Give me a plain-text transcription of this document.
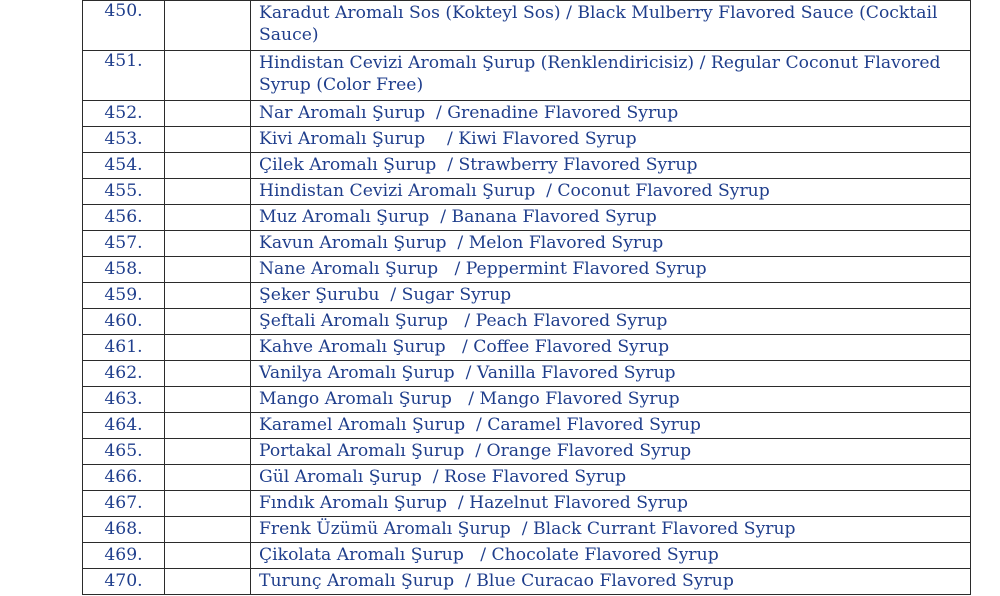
450.		Karadut Aromalı Sos (Kokteyl Sos) / Black Mulberry Flavored Sauce (Cocktail Sauce)
451.		Hindistan Cevizi Aromalı Şurup (Renklendiricisiz) / Regular Coconut Flavored Syrup (Color Free)
452.		Nar Aromalı Şurup  / Grenadine Flavored Syrup
453.		Kivi Aromalı Şurup    / Kiwi Flavored Syrup
454.		Çilek Aromalı Şurup  / Strawberry Flavored Syrup
455.		Hindistan Cevizi Aromalı Şurup  / Coconut Flavored Syrup
456.		Muz Aromalı Şurup  / Banana Flavored Syrup
457.		Kavun Aromalı Şurup  / Melon Flavored Syrup
458.		Nane Aromalı Şurup   / Peppermint Flavored Syrup
459.		Şeker Şurubu  / Sugar Syrup
460.		Şeftali Aromalı Şurup   / Peach Flavored Syrup
461.		Kahve Aromalı Şurup   / Coffee Flavored Syrup
462.		Vanilya Aromalı Şurup  / Vanilla Flavored Syrup
463.		Mango Aromalı Şurup   / Mango Flavored Syrup
464.		Karamel Aromalı Şurup  / Caramel Flavored Syrup
465.		Portakal Aromalı Şurup  / Orange Flavored Syrup
466.		Gül Aromalı Şurup  / Rose Flavored Syrup
467.		Fındık Aromalı Şurup  / Hazelnut Flavored Syrup
468.		Frenk Üzümü Aromalı Şurup  / Black Currant Flavored Syrup
469.		Çikolata Aromalı Şurup   / Chocolate Flavored Syrup
470.		Turunç Aromalı Şurup  / Blue Curacao Flavored Syrup
